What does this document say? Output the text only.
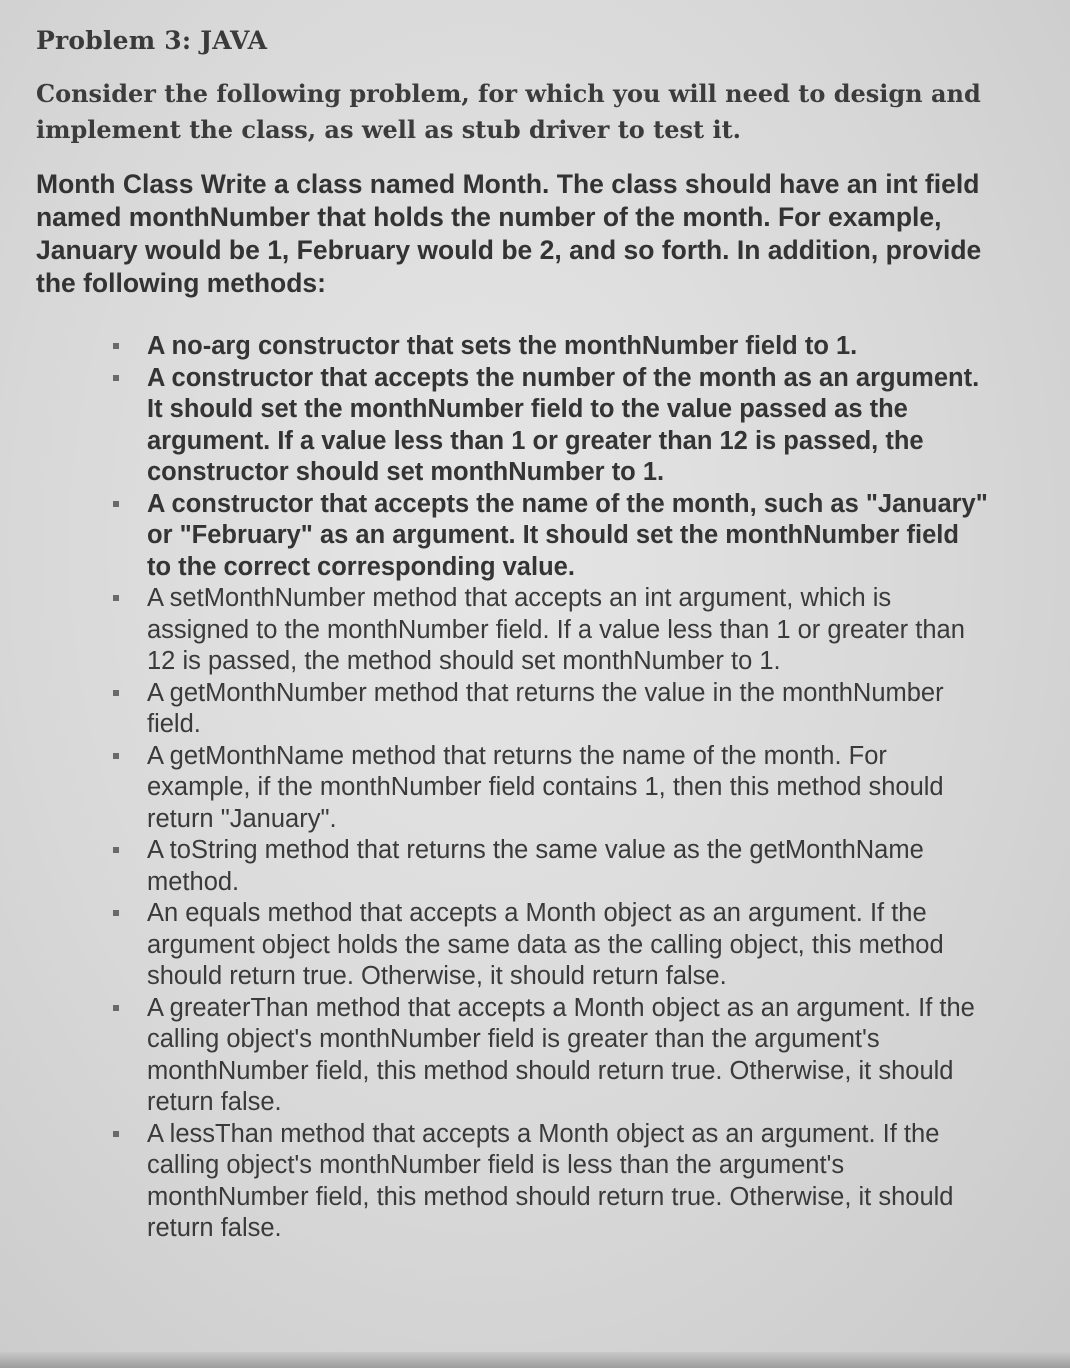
Problem 3: JAVA

Consider the following problem, for which you will need to design and implement the class, as well as stub driver to test it.

Month Class Write a class named Month. The class should have an int field named monthNumber that holds the number of the month. For example, January would be 1, February would be 2, and so forth. In addition, provide the following methods:

A no-arg constructor that sets the monthNumber field to 1.
A constructor that accepts the number of the month as an argument. It should set the monthNumber field to the value passed as the argument. If a value less than 1 or greater than 12 is passed, the constructor should set monthNumber to 1.
A constructor that accepts the name of the month, such as "January" or "February" as an argument. It should set the monthNumber field to the correct corresponding value.
A setMonthNumber method that accepts an int argument, which is assigned to the monthNumber field. If a value less than 1 or greater than 12 is passed, the method should set monthNumber to 1.
A getMonthNumber method that returns the value in the monthNumber field.
A getMonthName method that returns the name of the month. For example, if the monthNumber field contains 1, then this method should return "January".
A toString method that returns the same value as the getMonthName method.
An equals method that accepts a Month object as an argument. If the argument object holds the same data as the calling object, this method should return true. Otherwise, it should return false.
A greaterThan method that accepts a Month object as an argument. If the calling object's monthNumber field is greater than the argument's monthNumber field, this method should return true. Otherwise, it should return false.
A lessThan method that accepts a Month object as an argument. If the calling object's monthNumber field is less than the argument's monthNumber field, this method should return true. Otherwise, it should return false.
